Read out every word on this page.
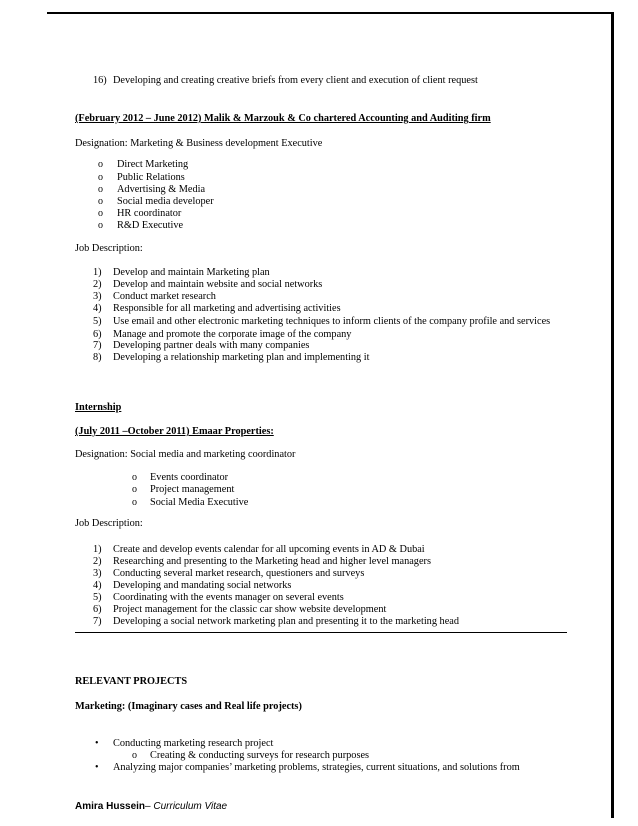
16) Developing and creating creative briefs from every client and execution of client request
(February 2012 – June 2012) Malik & Marzouk & Co chartered Accounting and Auditing firm
Designation: Marketing & Business development Executive
o Direct Marketing
o Public Relations
o Advertising & Media
o Social media developer
o HR coordinator
o R&D Executive
Job Description:
1) Develop and maintain Marketing plan
2) Develop and maintain website and social networks
3) Conduct market research
4) Responsible for all marketing and advertising activities
5) Use email and other electronic marketing techniques to inform clients of the company profile and services
6) Manage and promote the corporate image of the company
7) Developing partner deals with many companies
8) Developing a relationship marketing plan and implementing it
Internship
(July 2011 –October 2011) Emaar Properties:
Designation: Social media and marketing coordinator
o Events coordinator
o Project management
o Social Media Executive
Job Description:
1) Create and develop events calendar for all upcoming events in AD & Dubai
2) Researching and presenting to the Marketing head and higher level managers
3) Conducting several market research, questioners and surveys
4) Developing and mandating social networks
5) Coordinating with the events manager on several events
6) Project management for the classic car show website development
7) Developing a social network marketing plan and presenting it to the marketing head
RELEVANT PROJECTS
Marketing: (Imaginary cases and Real life projects)
• Conducting marketing research project
o Creating & conducting surveys for research purposes
• Analyzing major companies’ marketing problems, strategies, current situations, and solutions from
Amira Hussein– Curriculum Vitae
